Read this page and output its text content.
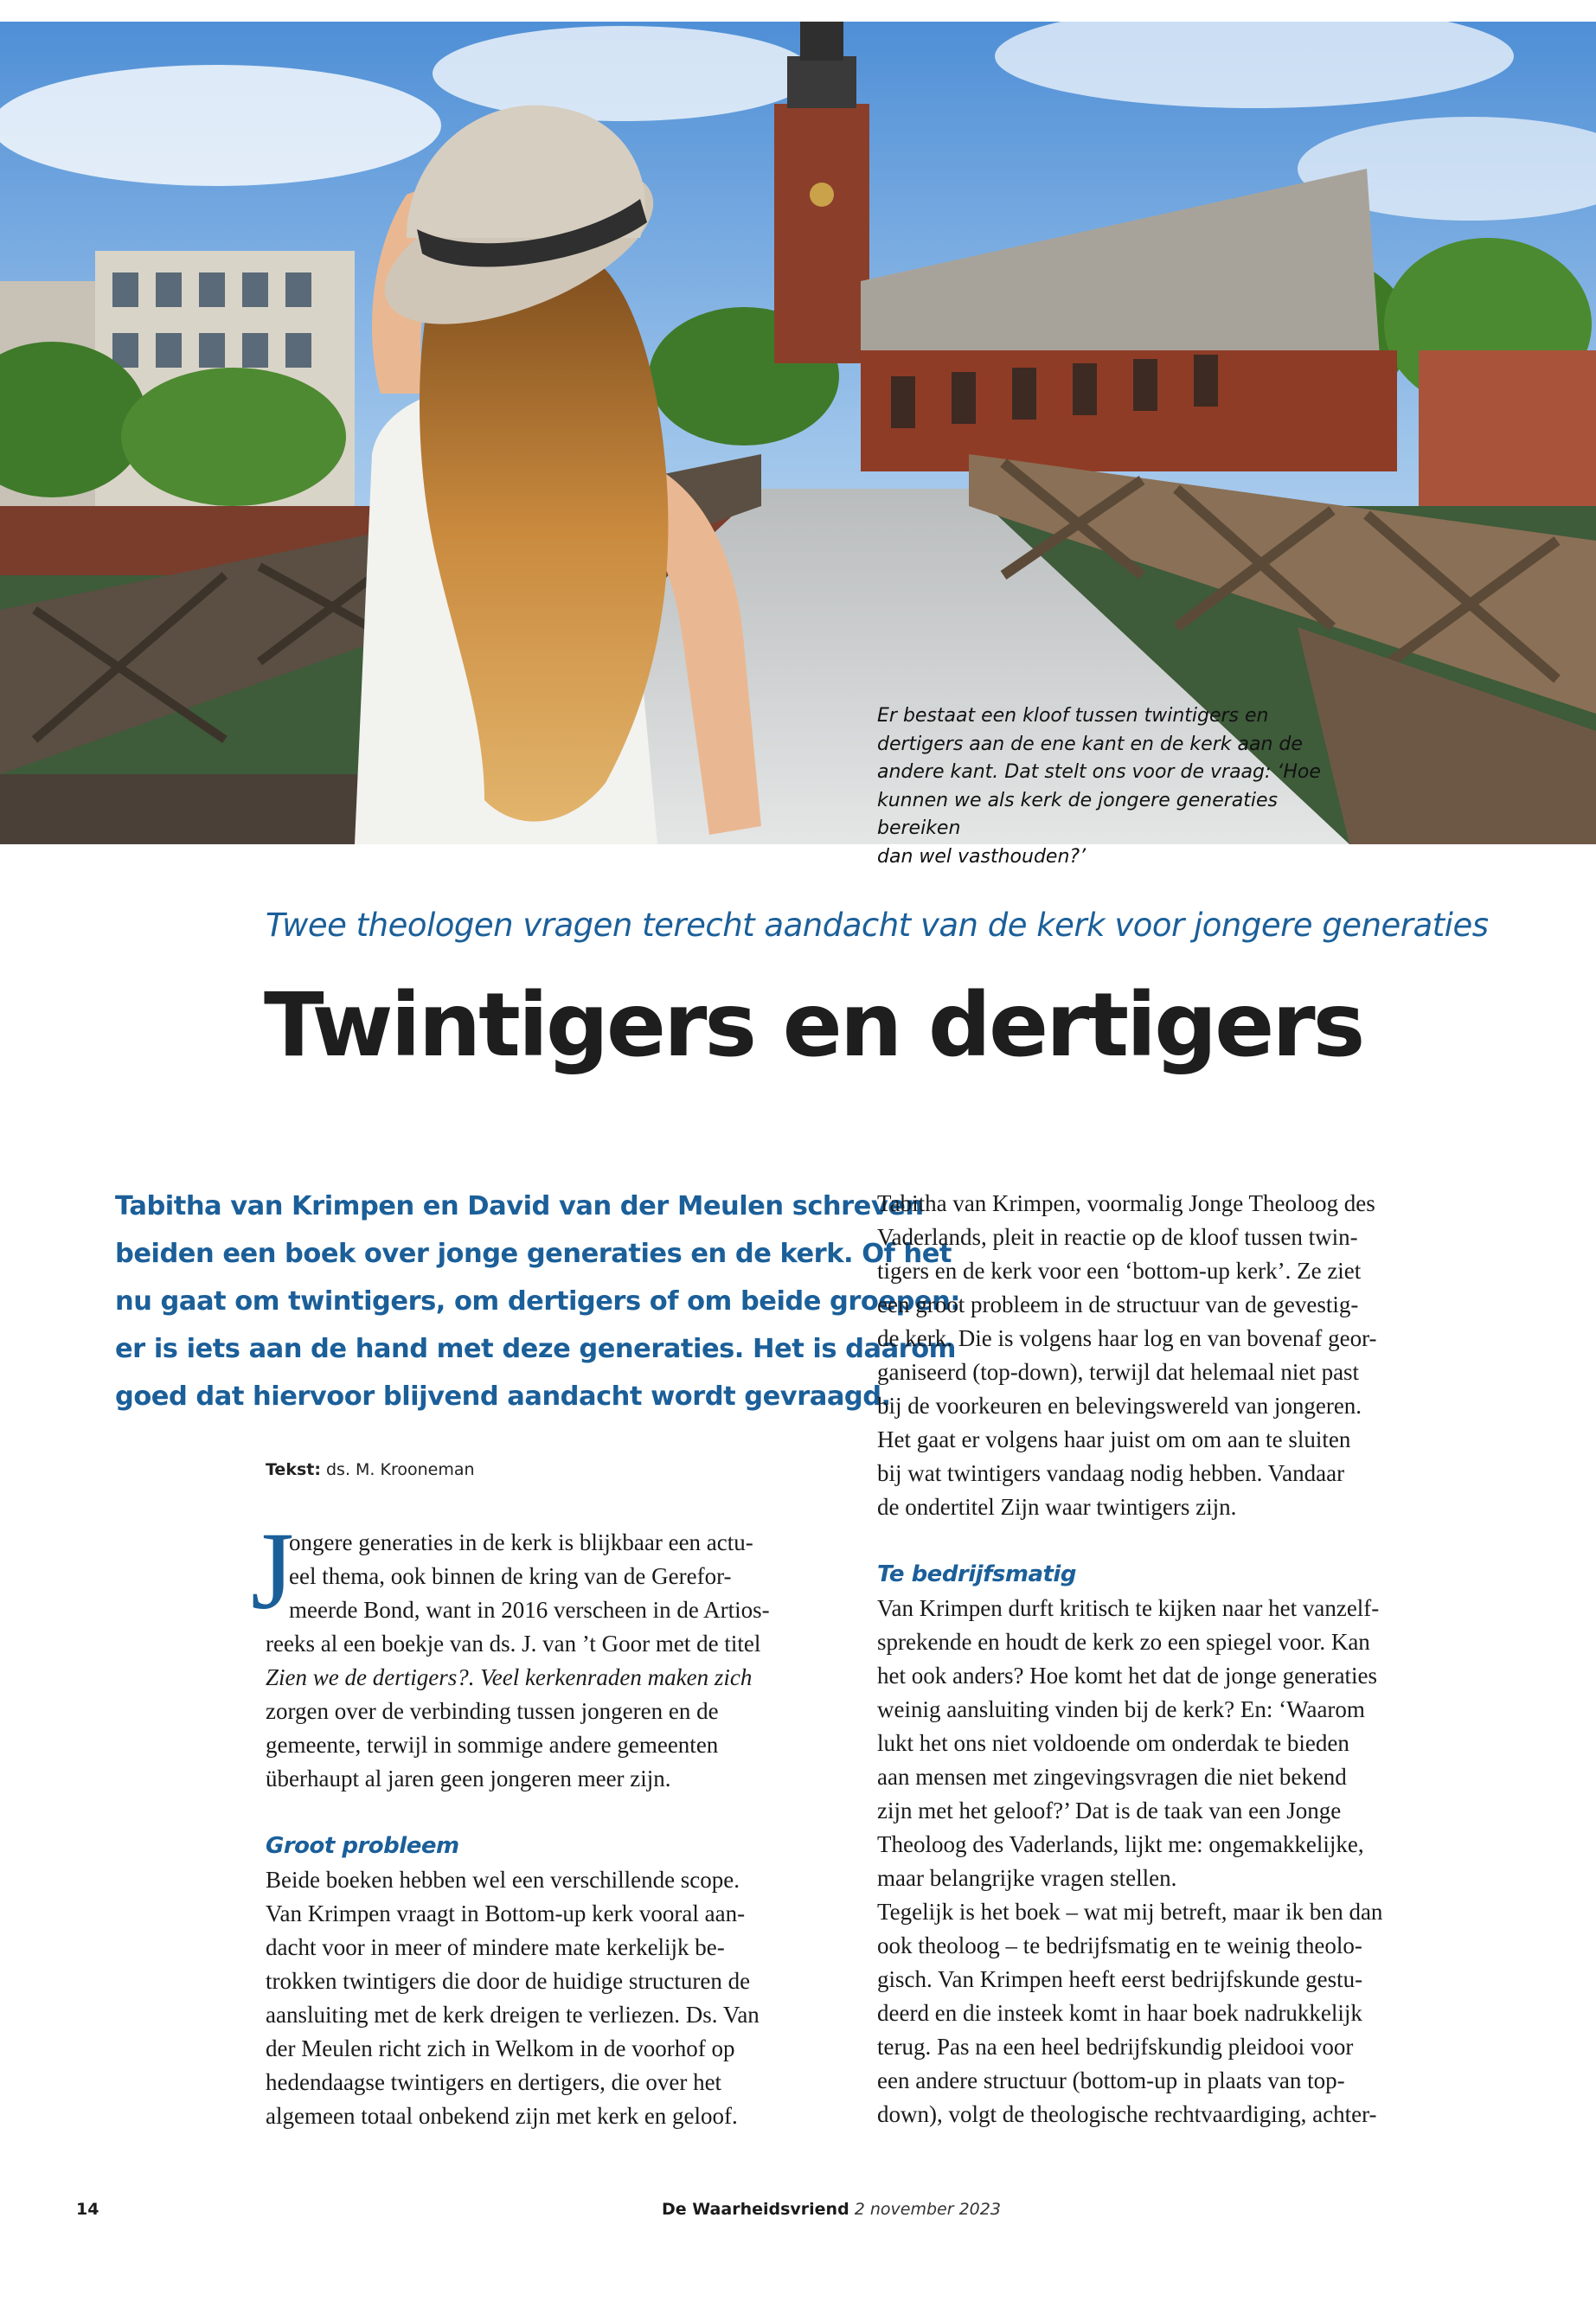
Er bestaat een kloof tussen twintigers en
dertigers aan de ene kant en de kerk aan de
andere kant. Dat stelt ons voor de vraag: ‘Hoe
kunnen we als kerk de jongere generaties bereiken
dan wel vasthouden?’
Twee theologen vragen terecht aandacht van de kerk voor jongere generaties
Twintigers en dertigers

Tabitha van Krimpen en David van der Meulen schreven

beiden een boek over jonge generaties en de kerk. Of het

nu gaat om twintigers, om dertigers of om beide groepen:

er is iets aan de hand met deze generaties. Het is daarom

goed dat hiervoor blijvend aandacht wordt gevraagd.

Tekst: ds. M. Krooneman
J

ongere generaties in de kerk is blijkbaar een actu-

eel thema, ook binnen de kring van de Gerefor-

meerde Bond, want in 2016 verscheen in de Artios-

reeks al een boekje van ds. J. van ’t Goor met de titel

Zien we de dertigers?. Veel kerkenraden maken zich

zorgen over de verbinding tussen jongeren en de

gemeente, terwijl in sommige andere gemeenten

überhaupt al jaren geen jongeren meer zijn.

Groot probleem

Beide boeken hebben wel een verschillende scope.

Van Krimpen vraagt in Bottom-up kerk vooral aan-

dacht voor in meer of mindere mate kerkelijk be-

trokken twintigers die door de huidige structuren de

aansluiting met de kerk dreigen te verliezen. Ds. Van

der Meulen richt zich in Welkom in de voorhof op

hedendaagse twintigers en dertigers, die over het

algemeen totaal onbekend zijn met kerk en geloof.

Tabitha van Krimpen, voormalig Jonge Theoloog des

Vaderlands, pleit in reactie op de kloof tussen twin-

tigers en de kerk voor een ‘bottom-up kerk’. Ze ziet

een groot probleem in de structuur van de gevestig-

de kerk. Die is volgens haar log en van bovenaf geor-

ganiseerd (top-down), terwijl dat helemaal niet past

bij de voorkeuren en belevingswereld van jongeren.

Het gaat er volgens haar juist om om aan te sluiten

bij wat twintigers vandaag nodig hebben. Vandaar

de ondertitel Zijn waar twintigers zijn.

Te bedrijfsmatig

Van Krimpen durft kritisch te kijken naar het vanzelf-

sprekende en houdt de kerk zo een spiegel voor. Kan

het ook anders? Hoe komt het dat de jonge generaties

weinig aansluiting vinden bij de kerk? En: ‘Waarom

lukt het ons niet voldoende om onderdak te bieden

aan mensen met zingevingsvragen die niet bekend

zijn met het geloof?’ Dat is de taak van een Jonge

Theoloog des Vaderlands, lijkt me: ongemakkelijke,

maar belangrijke vragen stellen.

Tegelijk is het boek – wat mij betreft, maar ik ben dan

ook theoloog – te bedrijfsmatig en te weinig theolo-

gisch. Van Krimpen heeft eerst bedrijfskunde gestu-

deerd en die insteek komt in haar boek nadrukkelijk

terug. Pas na een heel bedrijfskundig pleidooi voor

een andere structuur (bottom-up in plaats van top-

down), volgt de theologische rechtvaardiging, achter-

14	De Waarheidsvriend 2 november 2023
